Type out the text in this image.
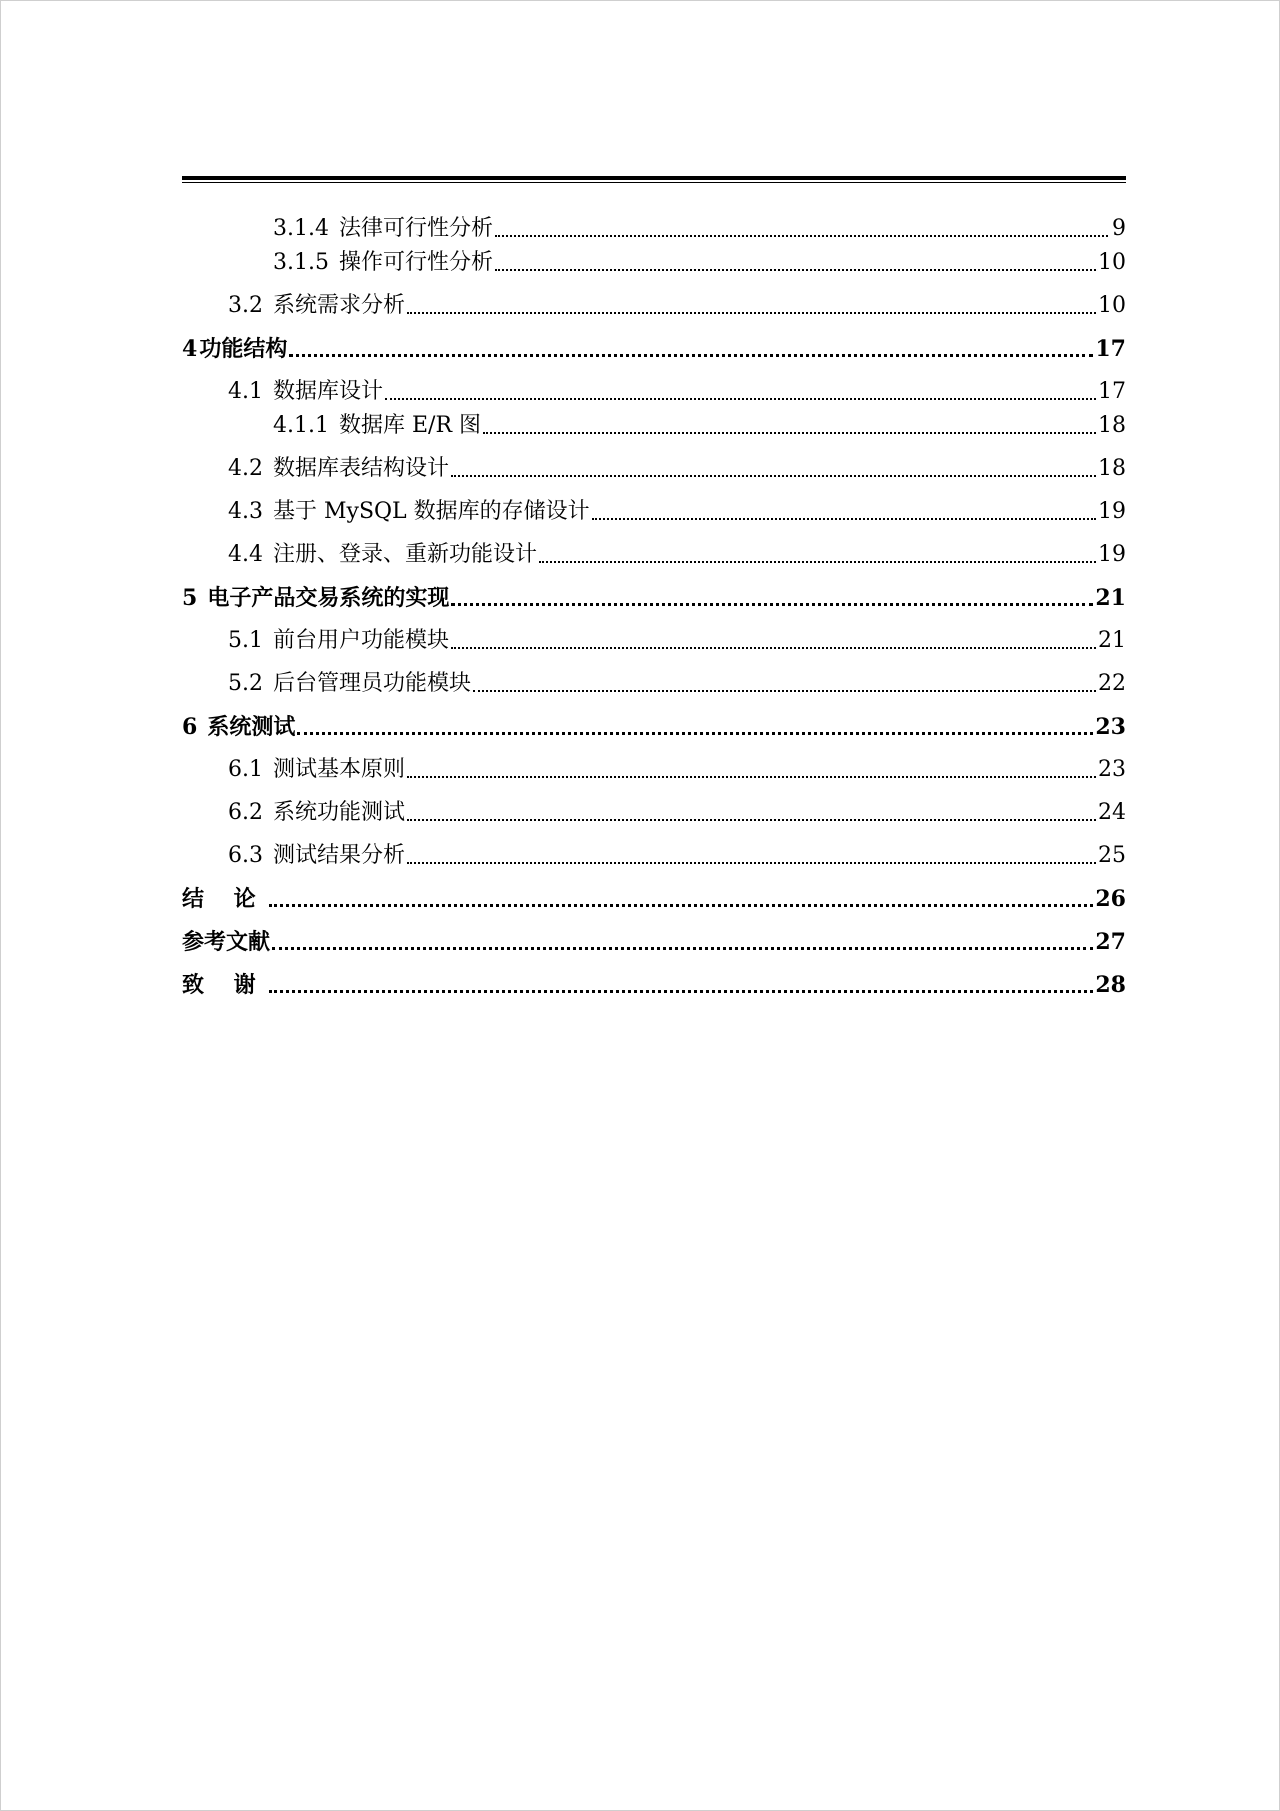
3.1.4 法律可行性分析	9
3.1.5 操作可行性分析	10
3.2 系统需求分析	10
4 功能结构	17
4.1 数据库设计	17
4.1.1 数据库 E/R 图	18
4.2 数据库表结构设计	18
4.3 基于 MySQL 数据库的存储设计	19
4.4 注册、登录、重新功能设计	19
5 电子产品交易系统的实现	21
5.1 前台用户功能模块	21
5.2 后台管理员功能模块	22
6 系统测试	23
6.1 测试基本原则	23
6.2 系统功能测试	24
6.3 测试结果分析	25
结 论	26
参考文献	27
致 谢	28
